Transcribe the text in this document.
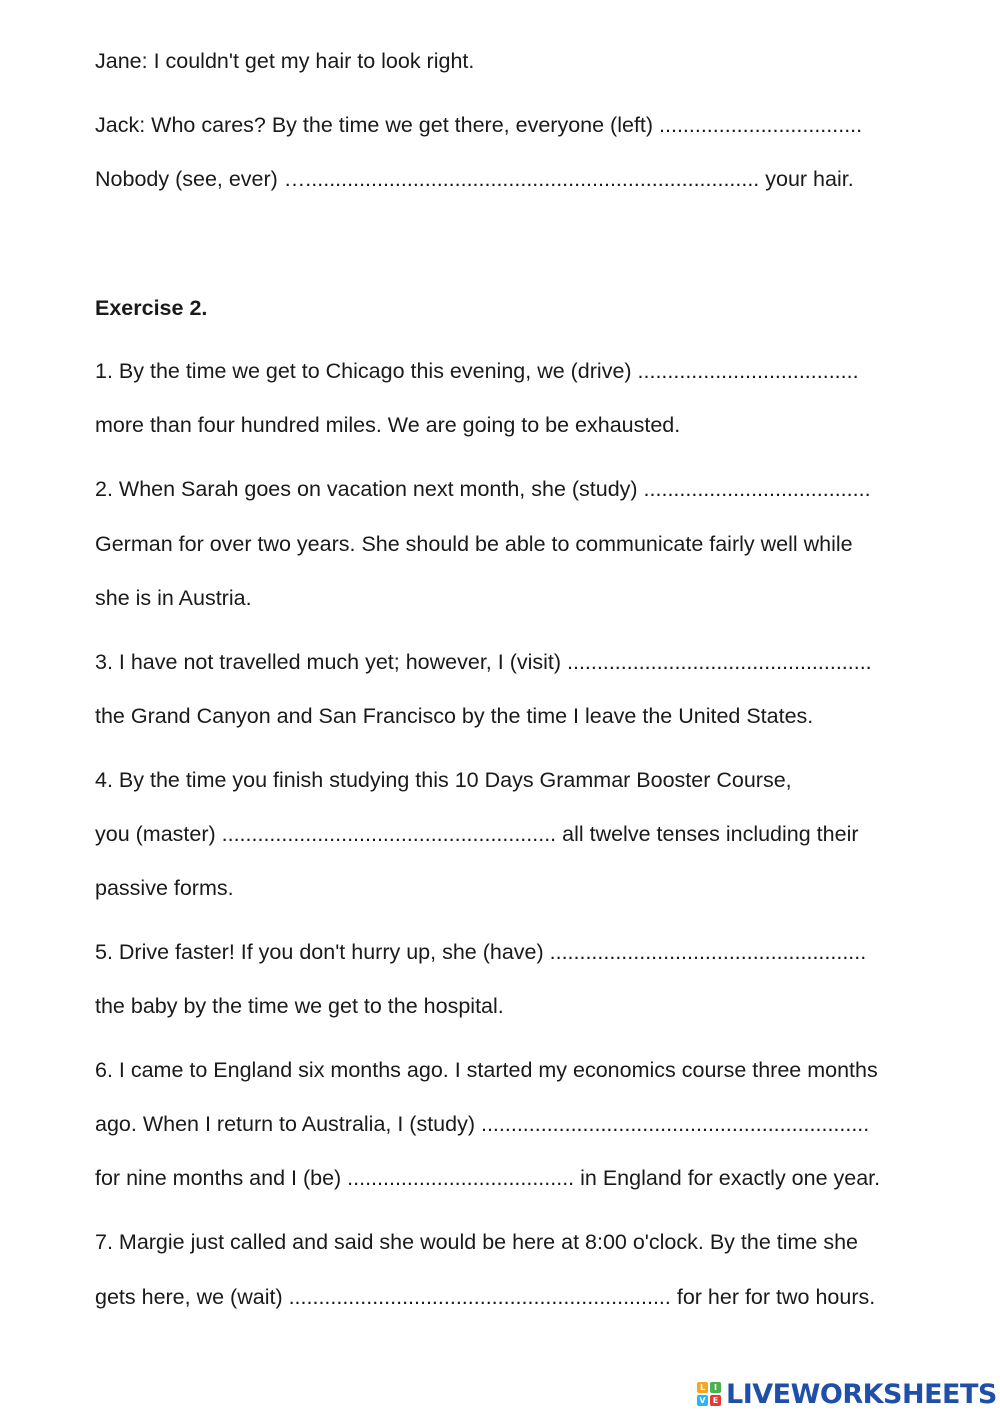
Jane: I couldn't get my hair to look right.
Jack: Who cares? By the time we get there, everyone (left) ..................................
Nobody (see, ever) …............................................................................ your hair.
Exercise 2.
1. By the time we get to Chicago this evening, we (drive) .....................................
more than four hundred miles. We are going to be exhausted.
2. When Sarah goes on vacation next month, she (study) ......................................
German for over two years. She should be able to communicate fairly well while
she is in Austria.
3. I have not travelled much yet; however, I (visit) ...................................................
the Grand Canyon and San Francisco by the time I leave the United States.
4. By the time you finish studying this 10 Days Grammar Booster Course,
you (master) ........................................................ all twelve tenses including their
passive forms.
5. Drive faster! If you don't hurry up, she (have) .....................................................
the baby by the time we get to the hospital.
6. I came to England six months ago. I started my economics course three months
ago. When I return to Australia, I (study) .................................................................
for nine months and I (be) ...................................... in England for exactly one year.
7. Margie just called and said she would be here at 8:00 o'clock. By the time she
gets here, we (wait) ................................................................ for her for two hours.
L	I
V E LIVEWORKSHEETS
